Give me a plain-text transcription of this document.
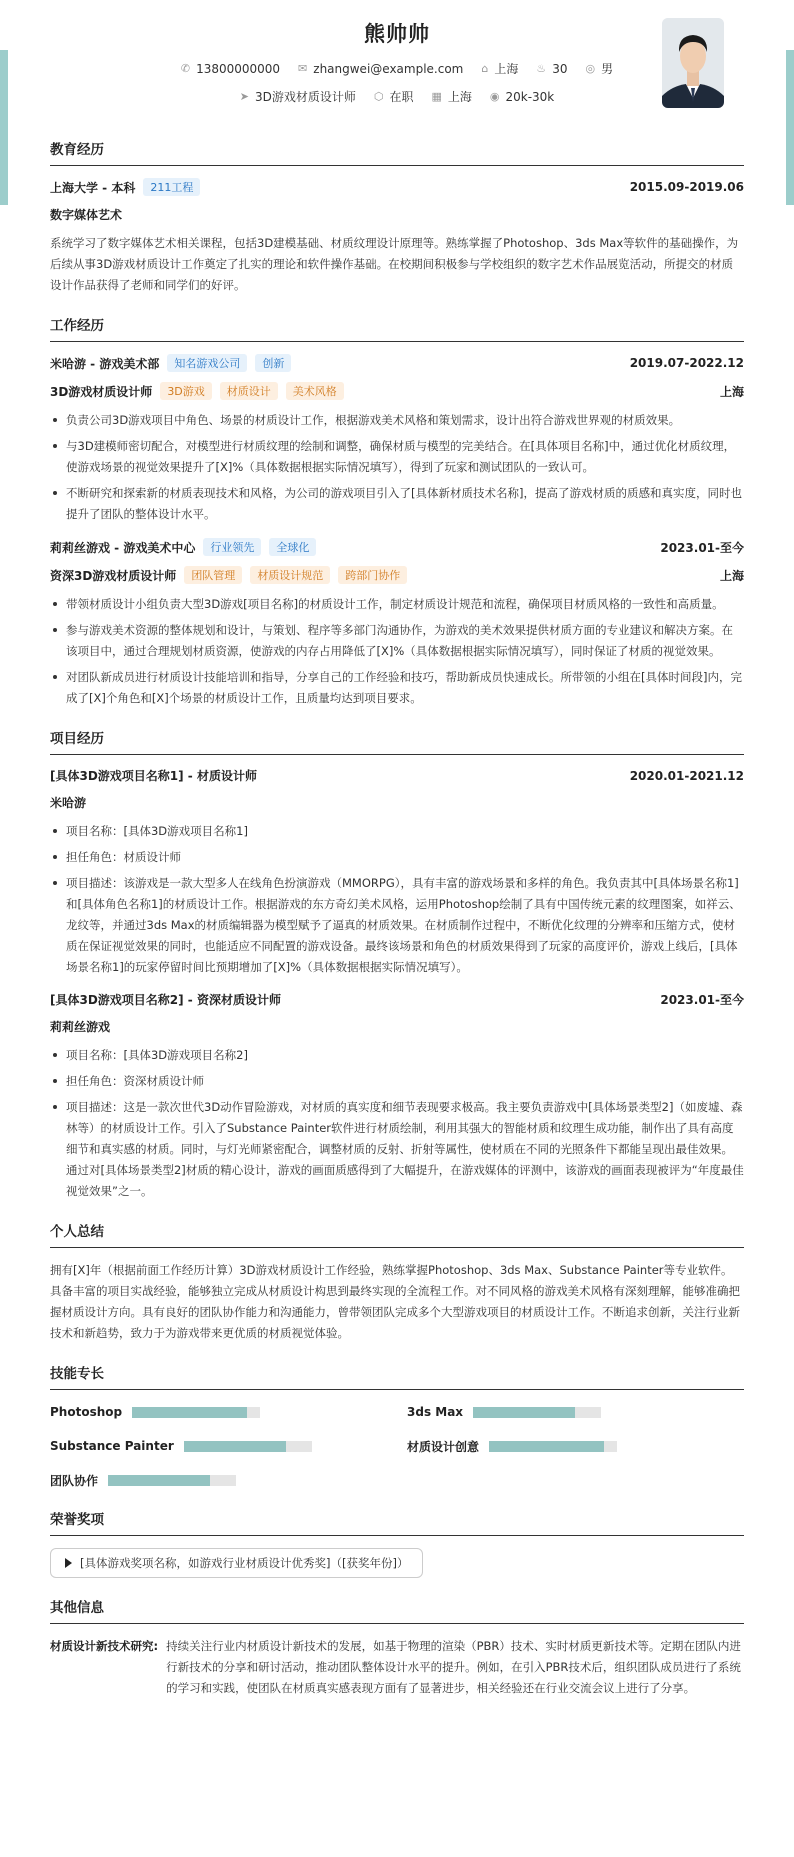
熊帅帅
✆ 13800000000 ✉ zhangwei@example.com ⌂ 上海 ♨ 30 ◎ 男
➤ 3D游戏材质设计师 ⬡ 在职 ▦ 上海 ◉ 20k-30k
教育经历
上海大学 - 本科	211工程	2015.09-2019.06
数字媒体艺术
系统学习了数字媒体艺术相关课程，包括3D建模基础、材质纹理设计原理等。熟练掌握了Photoshop、3ds Max等软件的基础操作，为后续从事3D游戏材质设计工作奠定了扎实的理论和软件操作基础。在校期间积极参与学校组织的数字艺术作品展览活动，所提交的材质设计作品获得了老师和同学们的好评。
工作经历
米哈游 - 游戏美术部	知名游戏公司	创新	2019.07-2022.12
3D游戏材质设计师	3D游戏	材质设计	美术风格	上海
负责公司3D游戏项目中角色、场景的材质设计工作，根据游戏美术风格和策划需求，设计出符合游戏世界观的材质效果。
与3D建模师密切配合，对模型进行材质纹理的绘制和调整，确保材质与模型的完美结合。在[具体项目名称]中，通过优化材质纹理，使游戏场景的视觉效果提升了[X]%（具体数据根据实际情况填写），得到了玩家和测试团队的一致认可。
不断研究和探索新的材质表现技术和风格，为公司的游戏项目引入了[具体新材质技术名称]，提高了游戏材质的质感和真实度，同时也提升了团队的整体设计水平。
莉莉丝游戏 - 游戏美术中心	行业领先	全球化	2023.01-至今
资深3D游戏材质设计师	团队管理	材质设计规范	跨部门协作	上海
带领材质设计小组负责大型3D游戏[项目名称]的材质设计工作，制定材质设计规范和流程，确保项目材质风格的一致性和高质量。
参与游戏美术资源的整体规划和设计，与策划、程序等多部门沟通协作，为游戏的美术效果提供材质方面的专业建议和解决方案。在该项目中，通过合理规划材质资源，使游戏的内存占用降低了[X]%（具体数据根据实际情况填写），同时保证了材质的视觉效果。
对团队新成员进行材质设计技能培训和指导，分享自己的工作经验和技巧，帮助新成员快速成长。所带领的小组在[具体时间段]内，完成了[X]个角色和[X]个场景的材质设计工作，且质量均达到项目要求。
项目经历
[具体3D游戏项目名称1] - 材质设计师	2020.01-2021.12
米哈游
项目名称：[具体3D游戏项目名称1]
担任角色：材质设计师
项目描述：该游戏是一款大型多人在线角色扮演游戏（MMORPG），具有丰富的游戏场景和多样的角色。我负责其中[具体场景名称1]和[具体角色名称1]的材质设计工作。根据游戏的东方奇幻美术风格，运用Photoshop绘制了具有中国传统元素的纹理图案，如祥云、龙纹等，并通过3ds Max的材质编辑器为模型赋予了逼真的材质效果。在材质制作过程中，不断优化纹理的分辨率和压缩方式，使材质在保证视觉效果的同时，也能适应不同配置的游戏设备。最终该场景和角色的材质效果得到了玩家的高度评价，游戏上线后，[具体场景名称1]的玩家停留时间比预期增加了[X]%（具体数据根据实际情况填写）。
[具体3D游戏项目名称2] - 资深材质设计师	2023.01-至今
莉莉丝游戏
项目名称：[具体3D游戏项目名称2]
担任角色：资深材质设计师
项目描述：这是一款次世代3D动作冒险游戏，对材质的真实度和细节表现要求极高。我主要负责游戏中[具体场景类型2]（如废墟、森林等）的材质设计工作。引入了Substance Painter软件进行材质绘制，利用其强大的智能材质和纹理生成功能，制作出了具有高度细节和真实感的材质。同时，与灯光师紧密配合，调整材质的反射、折射等属性，使材质在不同的光照条件下都能呈现出最佳效果。通过对[具体场景类型2]材质的精心设计，游戏的画面质感得到了大幅提升，在游戏媒体的评测中，该游戏的画面表现被评为“年度最佳视觉效果”之一。
个人总结
拥有[X]年（根据前面工作经历计算）3D游戏材质设计工作经验，熟练掌握Photoshop、3ds Max、Substance Painter等专业软件。具备丰富的项目实战经验，能够独立完成从材质设计构思到最终实现的全流程工作。对不同风格的游戏美术风格有深刻理解，能够准确把握材质设计方向。具有良好的团队协作能力和沟通能力，曾带领团队完成多个大型游戏项目的材质设计工作。不断追求创新，关注行业新技术和新趋势，致力于为游戏带来更优质的材质视觉体验。
技能专长
Photoshop	3ds Max
Substance Painter	材质设计创意
团队协作
荣誉奖项
[具体游戏奖项名称，如游戏行业材质设计优秀奖]（[获奖年份]）
其他信息
材质设计新技术研究: 持续关注行业内材质设计新技术的发展，如基于物理的渲染（PBR）技术、实时材质更新技术等。定期在团队内进行新技术的分享和研讨活动，推动团队整体设计水平的提升。例如，在引入PBR技术后，组织团队成员进行了系统的学习和实践，使团队在材质真实感表现方面有了显著进步，相关经验还在行业交流会议上进行了分享。
